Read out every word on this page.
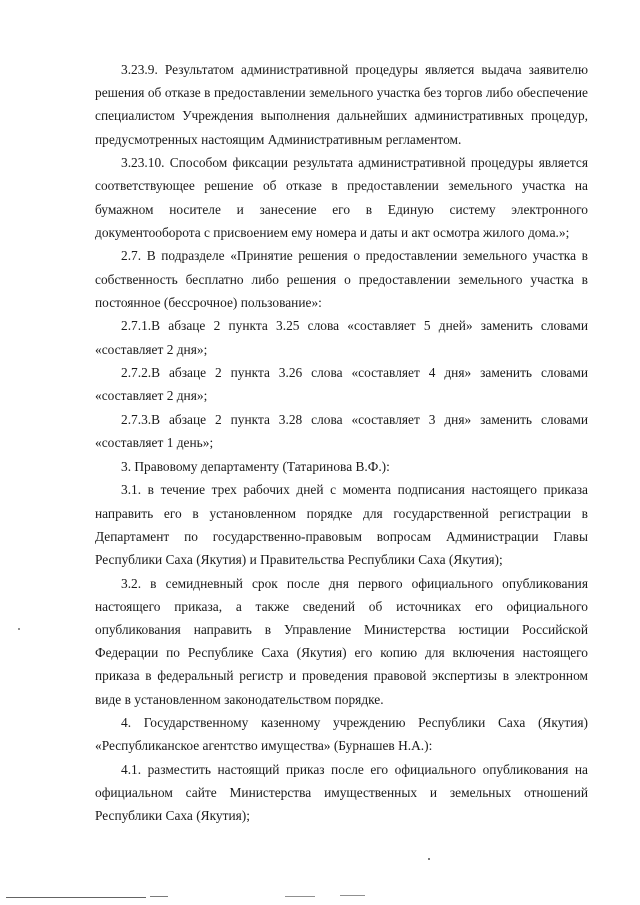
3.23.9. Результатом административной процедуры является выдача заявителю решения об отказе в предоставлении земельного участка без торгов либо обеспечение специалистом Учреждения выполнения дальнейших административных процедур, предусмотренных настоящим Административным регламентом.

3.23.10. Способом фиксации результата административной процедуры является соответствующее решение об отказе в предоставлении земельного участка на бумажном носителе и занесение его в Единую систему электронного документооборота с присвоением ему номера и даты и акт осмотра жилого дома.»;

2.7. В подразделе «Принятие решения о предоставлении земельного участка в собственность бесплатно либо решения о предоставлении земельного участка в постоянное (бессрочное) пользование»:

2.7.1.В абзаце 2 пункта 3.25 слова «составляет 5 дней» заменить словами «составляет 2 дня»;

2.7.2.В абзаце 2 пункта 3.26 слова «составляет 4 дня» заменить словами «составляет 2 дня»;

2.7.3.В абзаце 2 пункта 3.28 слова «составляет 3 дня» заменить словами «составляет 1 день»;

3. Правовому департаменту (Татаринова В.Ф.):

3.1. в течение трех рабочих дней с момента подписания настоящего приказа направить его в установленном порядке для государственной регистрации в Департамент по государственно-правовым вопросам Администрации Главы Республики Саха (Якутия) и Правительства Республики Саха (Якутия);

3.2. в семидневный срок после дня первого официального опубликования настоящего приказа, а также сведений об источниках его официального опубликования направить в Управление Министерства юстиции Российской Федерации по Республике Саха (Якутия) его копию для включения настоящего приказа в федеральный регистр и проведения правовой экспертизы в электронном виде в установленном законодательством порядке.

4. Государственному казенному учреждению Республики Саха (Якутия) «Республиканское агентство имущества» (Бурнашев Н.А.):

4.1. разместить настоящий приказ после его официального опубликования на официальном сайте Министерства имущественных и земельных отношений Республики Саха (Якутия);
